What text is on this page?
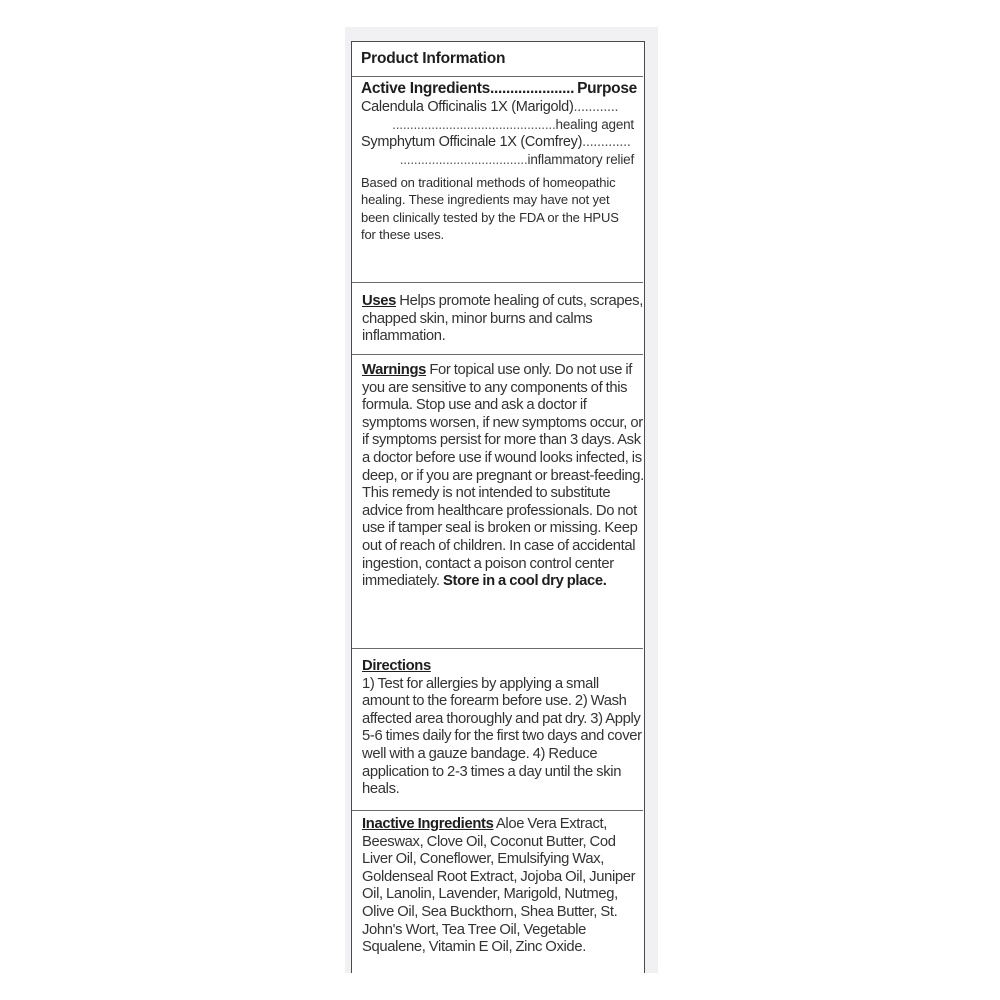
Product Information
Active Ingredients..................... Purpose
Calendula Officinalis 1X (Marigold)............
..............................................healing agent
Symphytum Officinale 1X (Comfrey).............
....................................inflammatory relief
Based on traditional methods of homeopathic healing. These ingredients may have not yet been clinically tested by the FDA or the HPUS for these uses.
Uses Helps promote healing of cuts, scrapes, chapped skin, minor burns and calms inflammation.
Warnings For topical use only. Do not use if you are sensitive to any components of this formula. Stop use and ask a doctor if symptoms worsen, if new symptoms occur, or if symptoms persist for more than 3 days. Ask a doctor before use if wound looks infected, is deep, or if you are pregnant or breast-feeding. This remedy is not intended to substitute advice from healthcare professionals. Do not use if tamper seal is broken or missing. Keep out of reach of children. In case of accidental ingestion, contact a poison control center immediately. Store in a cool dry place.
Directions
1) Test for allergies by applying a small amount to the forearm before use. 2) Wash affected area thoroughly and pat dry. 3) Apply 5-6 times daily for the first two days and cover well with a gauze bandage. 4) Reduce application to 2-3 times a day until the skin heals.
Inactive Ingredients Aloe Vera Extract, Beeswax, Clove Oil, Coconut Butter, Cod Liver Oil, Coneflower, Emulsifying Wax, Goldenseal Root Extract, Jojoba Oil, Juniper Oil, Lanolin, Lavender, Marigold, Nutmeg, Olive Oil, Sea Buckthorn, Shea Butter, St. John's Wort, Tea Tree Oil, Vegetable Squalene, Vitamin E Oil, Zinc Oxide.
